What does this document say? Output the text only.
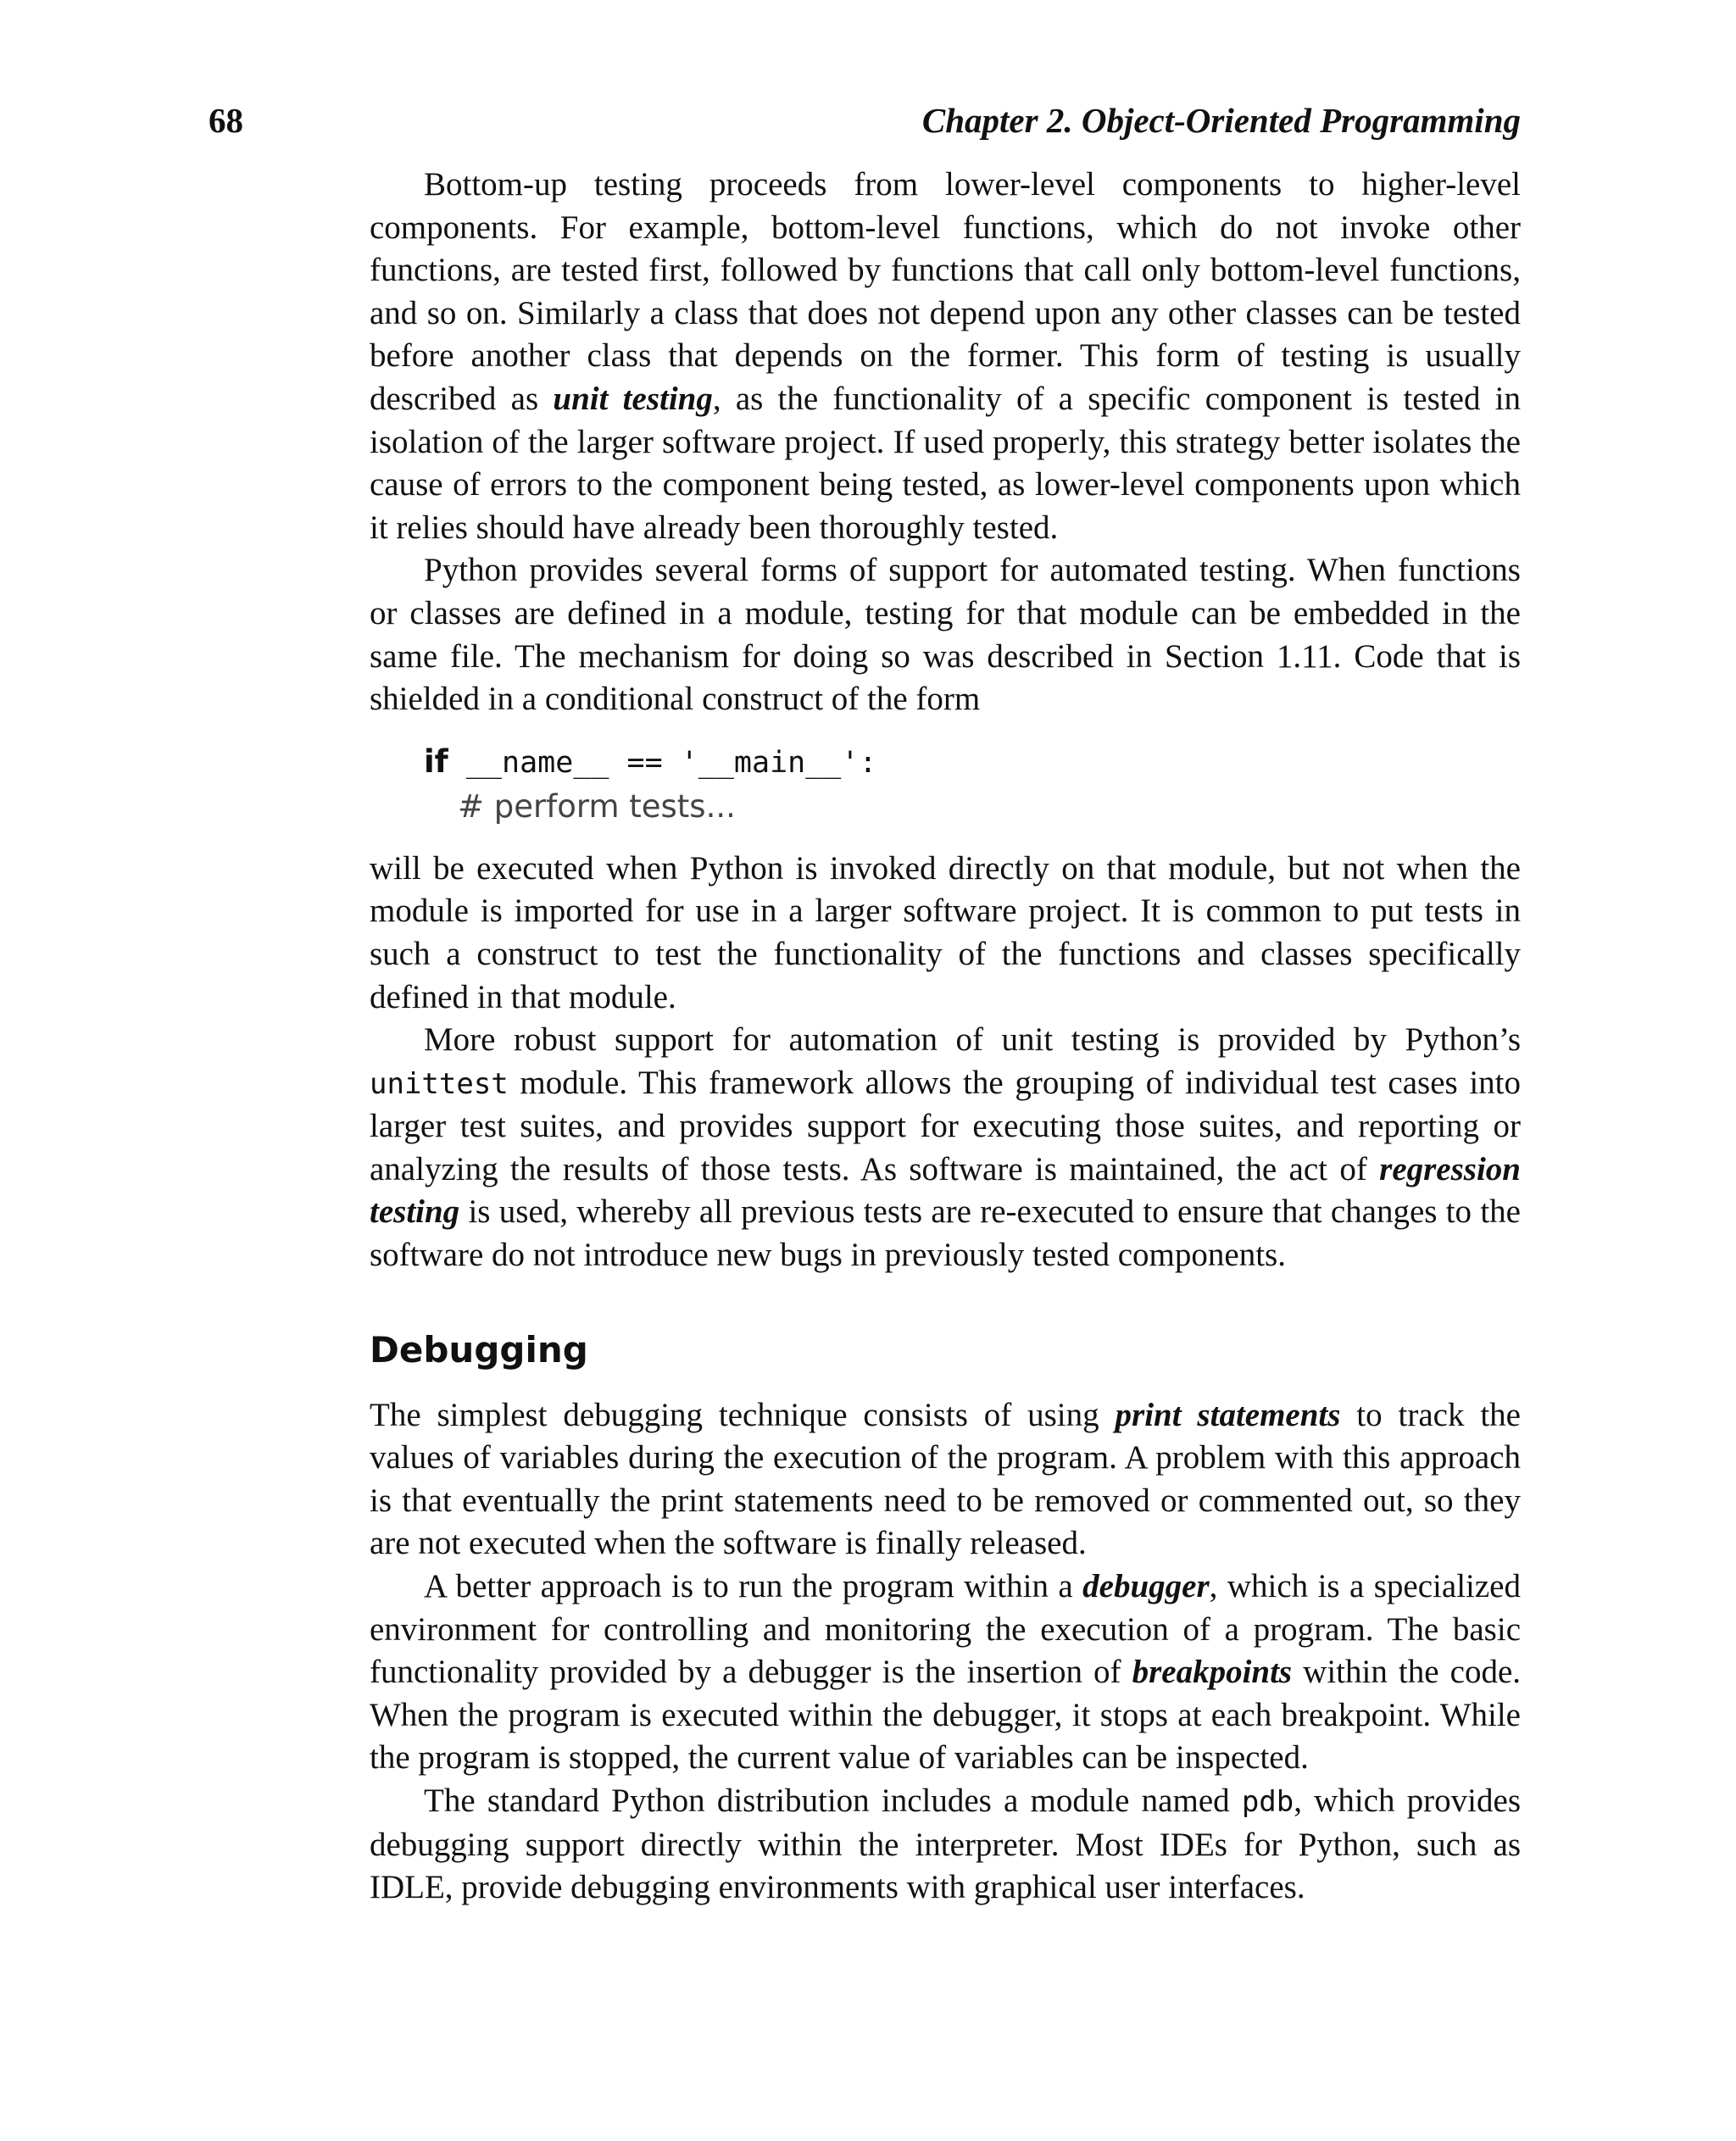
68	Chapter 2. Object-Oriented Programming

Bottom-up testing proceeds from lower-level components to higher-level components. For example, bottom-level functions, which do not invoke other functions, are tested first, followed by functions that call only bottom-level functions, and so on. Similarly a class that does not depend upon any other classes can be tested before another class that depends on the former. This form of testing is usually described as unit testing, as the functionality of a specific component is tested in isolation of the larger software project. If used properly, this strategy better isolates the cause of errors to the component being tested, as lower-level components upon which it relies should have already been thoroughly tested.

Python provides several forms of support for automated testing. When functions or classes are defined in a module, testing for that module can be embedded in the same file. The mechanism for doing so was described in Section 1.11. Code that is shielded in a conditional construct of the form

if __name__ == '__main__':
# perform tests...

will be executed when Python is invoked directly on that module, but not when the module is imported for use in a larger software project. It is common to put tests in such a construct to test the functionality of the functions and classes specifically defined in that module.

More robust support for automation of unit testing is provided by Python’s unittest module. This framework allows the grouping of individual test cases into larger test suites, and provides support for executing those suites, and reporting or analyzing the results of those tests. As software is maintained, the act of regression testing is used, whereby all previous tests are re-executed to ensure that changes to the software do not introduce new bugs in previously tested components.

Debugging

The simplest debugging technique consists of using print statements to track the values of variables during the execution of the program. A problem with this approach is that eventually the print statements need to be removed or commented out, so they are not executed when the software is finally released.

A better approach is to run the program within a debugger, which is a specialized environment for controlling and monitoring the execution of a program. The basic functionality provided by a debugger is the insertion of breakpoints within the code. When the program is executed within the debugger, it stops at each breakpoint. While the program is stopped, the current value of variables can be inspected.

The standard Python distribution includes a module named pdb, which provides debugging support directly within the interpreter. Most IDEs for Python, such as IDLE, provide debugging environments with graphical user interfaces.
